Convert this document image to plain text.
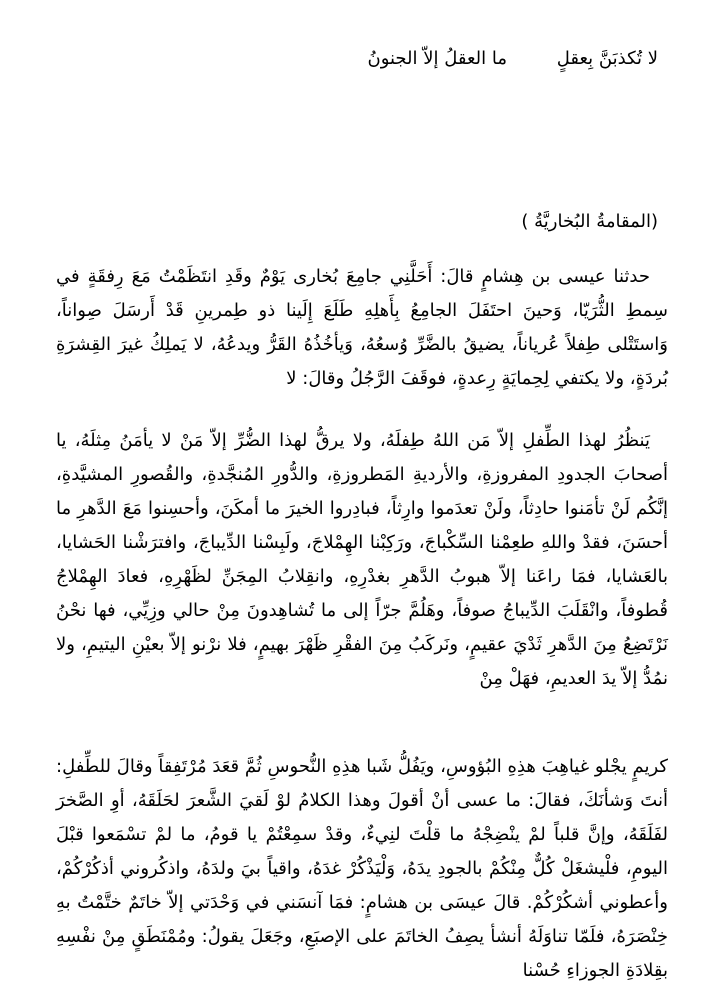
لا تُكذبَنَّ بِعقلٍ ما العقلُ إلاّ الجنونُ
(المقامةُ البُخاريَّةُ )

حدثنا عيسى بن هِشامٍ قالَ: أَحَلَّنِي جامِعَ بُخارى يَوْمٌ وقَدِ انتَظَمْتُ مَعَ رِفقَةٍ في سِمطِ الثُّرَيّا، وَحينَ احتَفَلَ الجامِعُ بِأَهلِهِ طَلَعَ إِلَينا ذو طِمرينِ قَدْ أَرسَلَ صِواناً، وَاستَتْلى طِفلاً عُرياناً، يضيقُ بالضَّرِّ وُسعُهُ، وَيأخُذُهُ القَرُّ ويدعُهُ، لا يَملِكُ غيرَ القِشرَةِ بُردَةٍ، ولا يكتفي لِحِمايَةٍ رِعدةٍ، فوقَفَ الرَّجُلُ وقالَ: لا

يَنظُرُ لهذا الطِّفلِ إلاّ مَن اللهُ طِفلَهُ، ولا يرقُّ لهذا الضُّرِّ إلاّ مَنْ لا يأمَنُ مِثلَهُ، يا أصحابَ الجدودِ المفروزةِ، والأرديةِ المَطروزةِ، والدُّورِ المُنجَّدةِ، والقُصورِ المشيَّدةِ، إنَّكُم لَنْ تأمَنوا حادِثاً، ولَنْ تعدَموا وارِثاً، فبادِروا الخيرَ ما أمكَنَ، وأحسِنوا مَعَ الدَّهرِ ما أحسَنَ، فقدْ واللهِ طعِمْنا السِّكْباجَ، ورَكِبْنا الهِمْلاجَ، ولَبِسْنا الدِّيباجَ، وافترَشْنا الحَشايا، بالعَشايا، فمَا راعَنا إلاّ هبوبُ الدَّهرِ بغدْرِهِ، وانقِلابُ المِجَنِّ لظَهْرِهِ، فعادَ الهِمْلاجُ قُطوفاً، وانْقَلَبَ الدِّيباجُ صوفاً، وهَلُمَّ جرّاً إلى ما تُشاهِدونَ مِنْ حالي وزِيِّي، فها نحْنُ نَرْتَضِعُ مِنَ الدَّهرِ ثَدْيَ عقيمٍ، ونَركَبُ مِنَ الفقْرِ ظَهْرَ بهيمٍ، فلا نرْنو إلاّ بعيْنِ اليتيمِ، ولا نمُدُّ إلاّ يدَ العديمِ، فهَلْ مِنْ

كريمٍ يجْلو غياهِبَ هذِهِ البُؤوسِ، ويَفُلُّ شَبا هذِهِ النُّحوسِ ثُمَّ قعَدَ مُرْتَفِقاً وقالَ للطِّفلِ: أنتَ وَشأنَكَ، فقالَ: ما عسى أنْ أقولَ وهذا الكلامُ لوْ لَقيَ الشَّعرَ لحَلَقَهُ، أوِ الصَّخرَ لفَلَقَهُ، وإنَّ قلباً لمْ ينْضِجْهُ ما قلْتَ لنِيءٌ، وقدْ سمِعْتُمْ يا قومُ، ما لمْ تسْمَعوا قبْلَ اليومِ، فلْيشغَلْ كُلٌّ مِنْكُمْ بالجودِ يدَهُ، وَلْيَذْكُرْ غدَهُ، واقياً بيَ ولدَهُ، واذكُروني أذكُرْكُمْ، وأعطوني أشكُرْكُمْ. قالَ عيسَى بن هشامٍ: فمَا آنسَني في وَحْدَتي إلاّ خاتَمٌ ختَّمْتُ بهِ خِنْصَرَهُ، فلَمّا تناوَلَهُ أنشأ يصِفُ الخاتَمَ على الإصبَعِ، وجَعَلَ يقولُ: ومُمْنَطَقٍ مِنْ نفْسِهِ بقِلادَةِ الجوزاءِ حُسْنا
